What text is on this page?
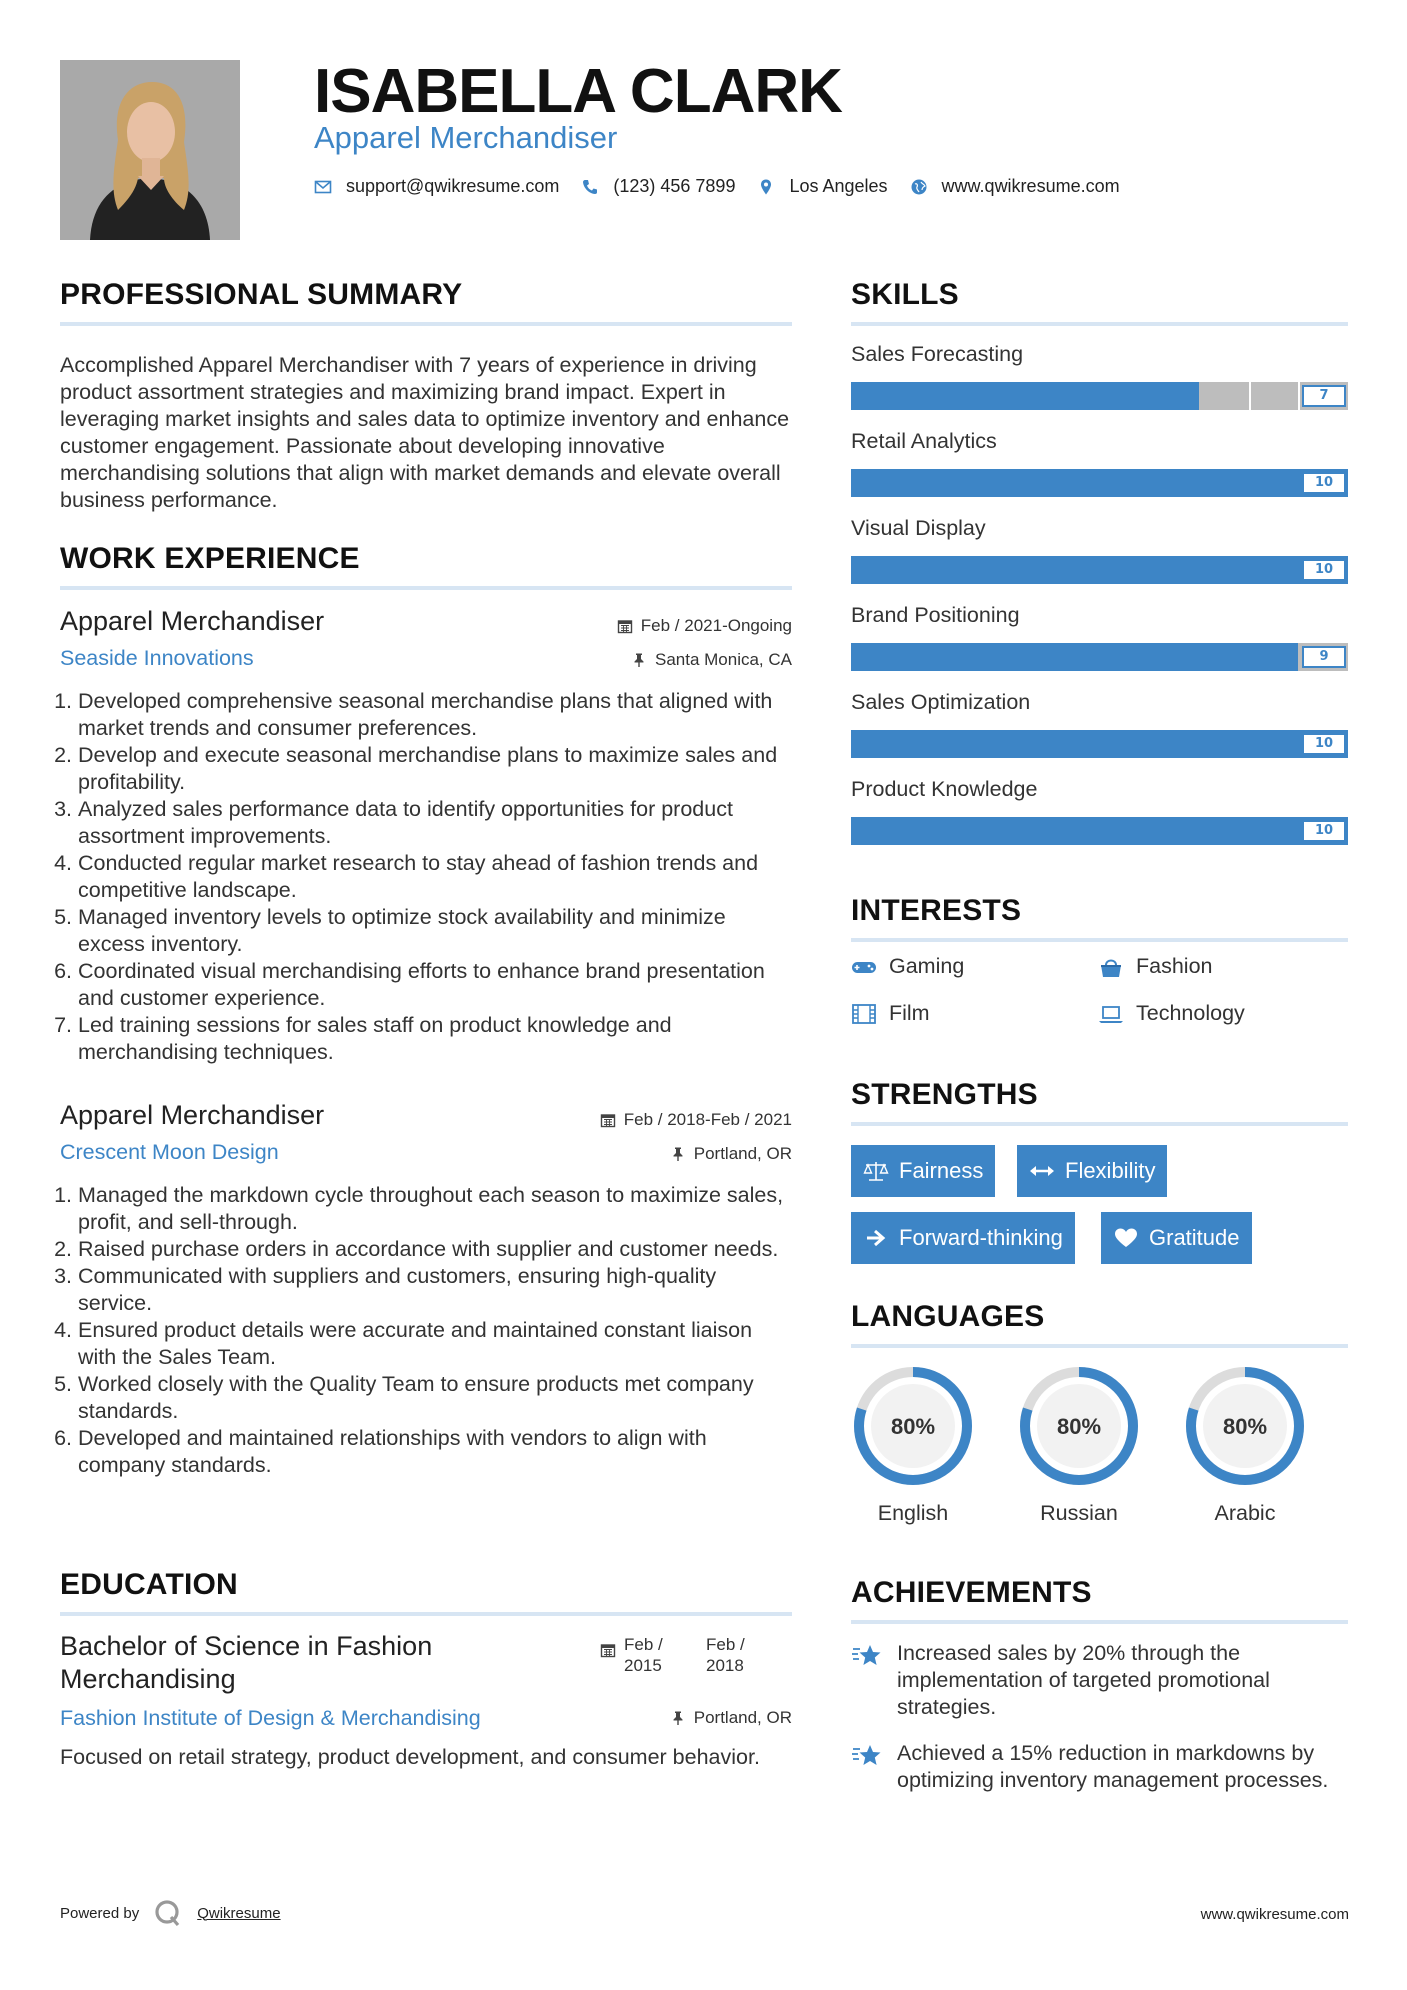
ISABELLA CLARK
Apparel Merchandiser
support@qwikresume.com	(123) 456 7899	Los Angeles	www.qwikresume.com
PROFESSIONAL SUMMARY
Accomplished Apparel Merchandiser with 7 years of experience in driving product assortment strategies and maximizing brand impact. Expert in leveraging market insights and sales data to optimize inventory and enhance customer engagement. Passionate about developing innovative merchandising solutions that align with market demands and elevate overall business performance.
WORK EXPERIENCE
Apparel Merchandiser	Feb / 2021-Ongoing
Seaside Innovations	Santa Monica, CA
1. Developed comprehensive seasonal merchandise plans that aligned with market trends and consumer preferences.
2. Develop and execute seasonal merchandise plans to maximize sales and profitability.
3. Analyzed sales performance data to identify opportunities for product assortment improvements.
4. Conducted regular market research to stay ahead of fashion trends and competitive landscape.
5. Managed inventory levels to optimize stock availability and minimize excess inventory.
6. Coordinated visual merchandising efforts to enhance brand presentation and customer experience.
7. Led training sessions for sales staff on product knowledge and merchandising techniques.
Apparel Merchandiser	Feb / 2018-Feb / 2021
Crescent Moon Design	Portland, OR
1. Managed the markdown cycle throughout each season to maximize sales, profit, and sell-through.
2. Raised purchase orders in accordance with supplier and customer needs.
3. Communicated with suppliers and customers, ensuring high-quality service.
4. Ensured product details were accurate and maintained constant liaison with the Sales Team.
5. Worked closely with the Quality Team to ensure products met company standards.
6. Developed and maintained relationships with vendors to align with company standards.
EDUCATION
Bachelor of Science in Fashion Merchandising
Feb /
2015
Feb /
2018
Fashion Institute of Design & Merchandising	Portland, OR
Focused on retail strategy, product development, and consumer behavior.
SKILLS
Sales Forecasting
7
Retail Analytics
10
Visual Display
10
Brand Positioning
9
Sales Optimization
10
Product Knowledge
10
INTERESTS
Gaming	Fashion
Film	Technology
STRENGTHS
Fairness	Flexibility
Forward-thinking	Gratitude
LANGUAGES
80%
English
80%
Russian
80%
Arabic
ACHIEVEMENTS
Increased sales by 20% through the implementation of targeted promotional strategies.
Achieved a 15% reduction in markdowns by optimizing inventory management processes.
Powered by	Qwikresume	www.qwikresume.com
